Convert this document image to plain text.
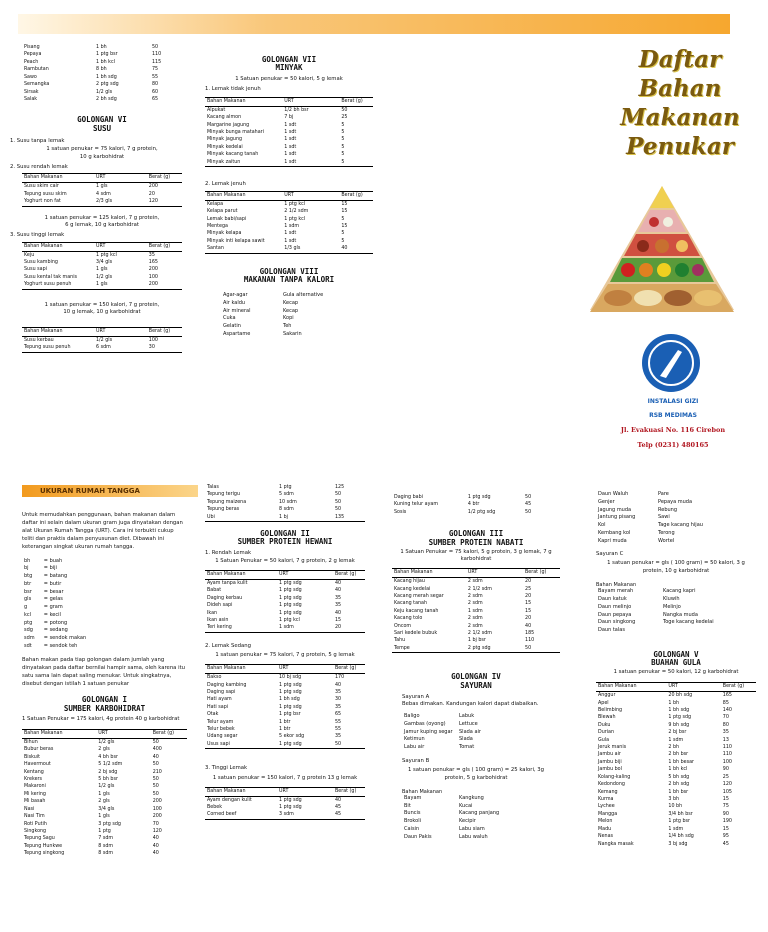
Pisang	1 bh	50
Pepaya	1 ptg bsr	110
Peach	1 bh kcl	115
Rambutan	8 bh	75
Sawo	1 bh sdg	55
Semangka	2 ptg sdg	80
Sirsak	1/2 gls	60
Salak	2 bh sdg	65
GOLONGAN VI
SUSU
1. Susu tanpa lemak
1 satuan penukar = 75 kalori, 7 g protein,
10 g karbohidrat
2. Susu rendah lemak
Bahan Makanan	URT	Berat (g)
Susu skim cair	1 gls	200
Tepung susu skim	4 sdm	20
Yoghurt non fat	2/3 gls	120
1 satuan penukar = 125 kalori, 7 g protein,
6 g lemak, 10 g karbohidrat
3. Susu tinggi lemak
Bahan Makanan	URT	Berat (g)
Keju	1 ptg kcl	35
Susu kambing	3/4 gls	165
Susu sapi	1 gls	200
Susu kental tak manis	1/2 gls	100
Yoghurt susu penuh	1 gls	200
1 satuan penukar = 150 kalori, 7 g protein,
10 g lemak, 10 g karbohidrat
Bahan Makanan	URT	Berat (g)
Susu kerbau	1/2 gls	100
Tepung susu penuh	6 sdm	30
GOLONGAN VII
MINYAK
1 Satuan penukar = 50 kalori, 5 g lemak
1. Lemak tidak jenuh
Bahan Makanan	URT	Berat (g)
Alpukat	1/2 bh bsr	50
Kacang almon	7 bj	25
Margarine jagung	1 sdt	5
Minyak bunga matahari	1 sdt	5
Minyak jagung	1 sdt	5
Minyak kedelai	1 sdt	5
Minyak kacang tanah	1 sdt	5
Minyak zaitun	1 sdt	5
2. Lemak jenuh
Bahan Makanan	URT	Berat (g)
Kelapa	1 ptg kcl	15
Kelapa parut	2 1/2 sdm	15
Lemak babi/sapi	1 ptg kcl	5
Mentega	1 sdm	15
Minyak kelapa	1 sdt	5
Minyak inti kelapa sawit	1 sdt	5
Santan	1/3 gls	40
GOLONGAN VIII
MAKANAN TANPA KALORI
Agar-agar	Gula alternative
Air kaldu	Kecap
Air mineral	Kecap
Cuka	Kopi
Gelatin	Teh
Aspartame	Sakarin
Daftar
Bahan
Makanan
Penukar
INSTALASI GIZI
RSB MEDIMAS
Jl. Evakuasi No. 116 Cirebon
Telp (0231) 480165
UKURAN RUMAH TANGGA
Untuk memudahkan penggunaan, bahan makanan dalam daftar ini selain dalam ukuran gram juga dinyatakan dengan alat Ukuran Rumah Tangga (URT). Cara ini terbukti cukup teliti dan praktis dalam penyusunan diet. Dibawah ini keterangan singkat ukuran rumah tangga.
bh	= buah
bj	= biji
btg	= batang
btr	= butir
bsr	= besar
gls	= gelas
g	= gram
kcl	= kecil
ptg	= potong
sdg	= sedang
sdm	= sendok makan
sdt	= sendok teh
Bahan makan pada tiap golongan dalam jumlah yang dinyatakan pada daftar bernilai hampir sama, oleh karena itu satu sama lain dapat saling menukar. Untuk singkatnya, disebut dengan istilah 1 satuan penukar
GOLONGAN I
SUMBER KARBOHIDRAT
1 Satuan Penukar = 175 kalori, 4g protein 40 g karbohidrat
Bahan Makanan	URT	Berat (g)
Bihun	1/2 gls	50
Bubur beras	2 gls	400
Biskuit	4 bh bsr	40
Havermout	5 1/2 sdm	50
Kentang	2 bj sdg	210
Krekers	5 bh bsr	50
Makaroni	1/2 gls	50
Mi kering	1 gls	50
Mi basah	2 gls	200
Nasi	3/4 gls	100
Nasi Tim	1 gls	200
Roti Putih	3 ptg sdg	70
Singkong	1 ptg	120
Tepung Sagu	7 sdm	40
Tepung Hunkwe	8 sdm	40
Tepung singkong	8 sdm	40
Talas	1 ptg	125
Tepung terigu	5 sdm	50
Tepung maizena	10 sdm	50
Tepung beras	8 sdm	50
Ubi	1 bj	135
GOLONGAN II
SUMBER PROTEIN HEWANI
1. Rendah Lemak
1 Satuan Penukar = 50 kalori, 7 g protein, 2 g lemak
Bahan Makanan	URT	Berat (g)
Ayam tanpa kulit	1 ptg sdg	40
Babat	1 ptg sdg	40
Daging kerbau	1 ptg sdg	35
Dideh sapi	1 ptg sdg	35
Ikan	1 ptg sdg	40
Ikan asin	1 ptg kcl	15
Teri kering	1 sdm	20
2. Lemak Sedang
1 satuan penukar = 75 kalori, 7 g protein, 5 g lemak
Bahan Makanan	URT	Berat (g)
Bakso	10 bj sdg	170
Daging kambing	1 ptg sdg	40
Daging sapi	1 ptg sdg	35
Hati ayam	1 bh sdg	30
Hati sapi	1 ptg sdg	35
Otak	1 ptg bsr	65
Telur ayam	1 btr	55
Telur bebek	1 btr	55
Udang segar	5 ekor sdg	35
Usus sapi	1 ptg sdg	50
3. Tinggi Lemak
1 satuan penukar = 150 kalori, 7 g protein 13 g lemak
Bahan Makanan	URT	Berat (g)
Ayam dengan kulit	1 ptg sdg	40
Bebek	1 ptg sdg	45
Corned beef	3 sdm	45
Daging babi	1 ptg sdg	50
Kuning telur ayam	4 btr	45
Sosis	1/2 ptg sdg	50
GOLONGAN III
SUMBER PROTEIN NABATI
1 Satuan Penukar = 75 kalori, 5 g protein, 3 g lemak, 7 g
karbohidrat
Bahan Makanan	URT	Berat (g)
Kacang hijau	2 sdm	20
Kacang kedelai	2 1/2 sdm	25
Kacang merah segar	2 sdm	20
Kacang tanah	2 sdm	15
Keju kacang tanah	1 sdm	15
Kacang tolo	2 sdm	20
Oncom	2 sdm	40
Sari kedele bubuk	2 1/2 sdm	185
Tahu	1 bj bsr	110
Tempe	2 ptg sdg	50
GOLONGAN IV
SAYURAN
Sayuran A
Bebas dimakan. Kandungan kalori dapat diabaikan.
Baligo	Labuk
Gambas (oyong)	Lettuce
Jamur kuping segar	Slada air
Ketimun	Slada
Labu air	Tomat
Sayuran B
1 satuan penukar = gls ( 100 gram) = 25 kalori, 3g
protein, 5 g karbohidrat
Bahan Makanan
Bayam	Kangkung
Bit	Kucai
Buncis	Kacang panjang
Brokoli	Kecipir
Caisin	Labu siam
Daun Pakis	Labu waluh
Daun Waluh	Pare
Genjer	Pepaya muda
Jagung muda	Rebung
Jantung pisang	Sawi
Kol	Tage kacang hijau
Kembang kol	Terong
Kapri muda	Wortel
Sayuran C
1 satuan penukar = gls ( 100 gram) = 50 kalori, 3 g
protein, 10 g karbohidrat
Bahan Makanan
Bayam merah	Kacang kapri
Daun katuk	Kluwih
Daun melinjo	Melinjo
Daun pepaya	Nangka muda
Daun singkong	Toge kacang kedelai
Daun talas	
GOLONGAN V
BUAHAN GULA
1 satuan penukar = 50 kalori, 12 g karbohidrat
Bahan Makanan	URT	Berat (g)
Anggur	20 bh sdg	165
Apel	1 bh	85
Belimbing	1 bh sdg	140
Blewah	1 ptg sdg	70
Duku	9 bh sdg	80
Durian	2 bj bsr	35
Gula	1 sdm	13
Jeruk manis	2 bh	110
Jambu air	2 bh bsr	110
Jambu biji	1 bh besar	100
Jambu bol	1 bh kcl	90
Kolang-kaling	5 bh sdg	25
Kedondong	2 bh sdg	120
Kemang	1 bh bsr	105
Kurma	3 bh	15
Lychee	10 bh	75
Mangga	3/4 bh bsr	90
Melon	1 ptg bsr	190
Madu	1 sdm	15
Nenas	1/4 bh sdg	95
Nangka masak	3 bj sdg	45
